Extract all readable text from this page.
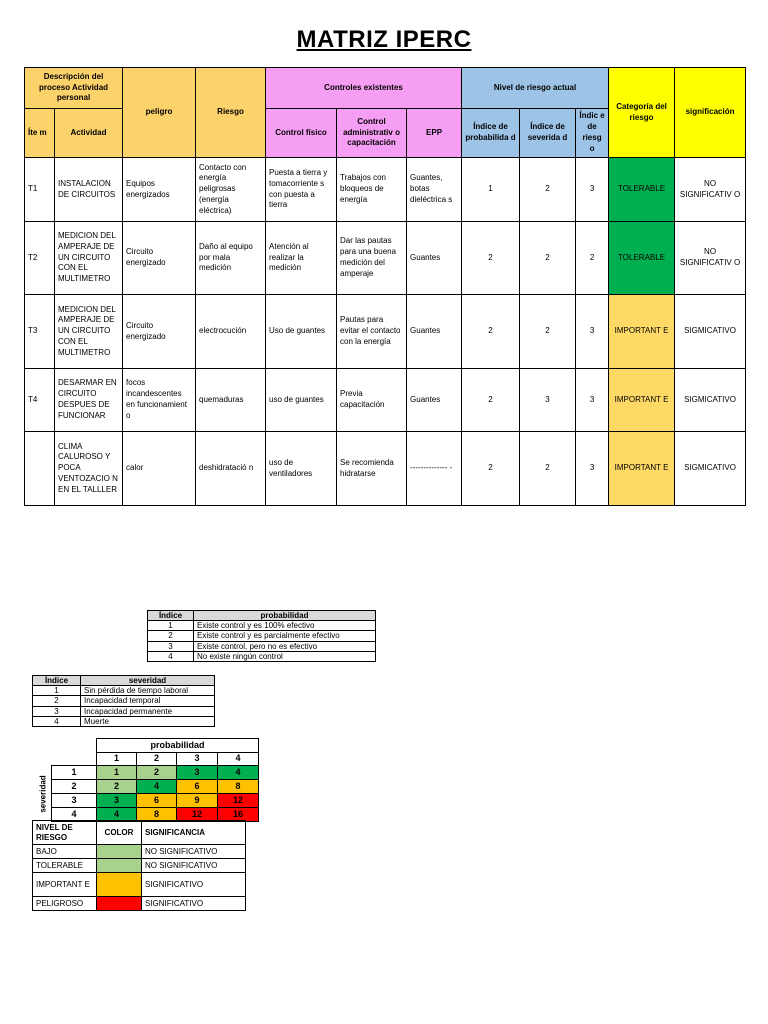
MATRIZ IPERC
Descripción del proceso Actividad personal		peligro	Riesgo	Controles existentes			Nivel de riesgo actual			Categoría del riesgo	significación
Íte m	Actividad			Control físico	Control administrativ o capacitación	EPP	Índice de probabilida d	Índice de severida d	Índic e de riesg o		
T1	INSTALACION DE CIRCUITOS	Equipos energizados	Contacto con energía peligrosas (energía eléctrica)	Puesta a tierra y tomacorriente s con puesta a tierra	Trabajos con bloqueos de energía	Guantes, botas dieléctrica s	1	2	3	TOLERABLE	NO SIGNIFICATIV O
T2	MEDICION DEL AMPERAJE DE UN CIRCUITO CON EL MULTIMETRO	Circuito energizado	Daño al equipo por mala medición	Atención al realizar la medición	Dar las pautas para una buena medición del amperaje	Guantes	2	2	2	TOLERABLE	NO SIGNIFICATIV O
T3	MEDICION DEL AMPERAJE DE UN CIRCUITO CON EL MULTIMETRO	Circuito energizado	electrocución	Uso de guantes	Pautas para evitar el contacto con la energía	Guantes	2	2	3	IMPORTANT E	SIGMICATIVO
T4	DESARMAR EN CIRCUITO DESPUES DE FUNCIONAR	focos incandescentes en funcionamient o	quemaduras	uso de guantes	Previa capacitación	Guantes	2	3	3	IMPORTANT E	SIGMICATIVO
	CLIMA CALUROSO Y POCA VENTOZACIO N EN EL TALLLER	calor	deshidratació n	uso de ventiladores	Se recomienda hidratarse	-------------- -	2	2	3	IMPORTANT E	SIGMICATIVO
Índice	probabilidad
1	Existe control y es 100% efectivo
2	Existe control y es parcialmente efectivo
3	Existe control, pero no es efectivo
4	No existe ningún control
Índice	severidad
1	Sin pérdida de tiempo laboral
2	Incapacidad temporal
3	Incapacidad permanente
4	Muerte
severidad
	probabilidad			
	1	2	3	4
1	1	2	3	4
2	2	4	6	8
3	3	6	9	12
4	4	8	12	16
NIVEL DE RIESGO	COLOR	SIGNIFICANCIA
BAJO		NO SIGNIFICATIVO
TOLERABLE		NO SIGNIFICATIVO
IMPORTANT E		SIGNIFICATIVO
PELIGROSO		SIGNIFICATIVO
